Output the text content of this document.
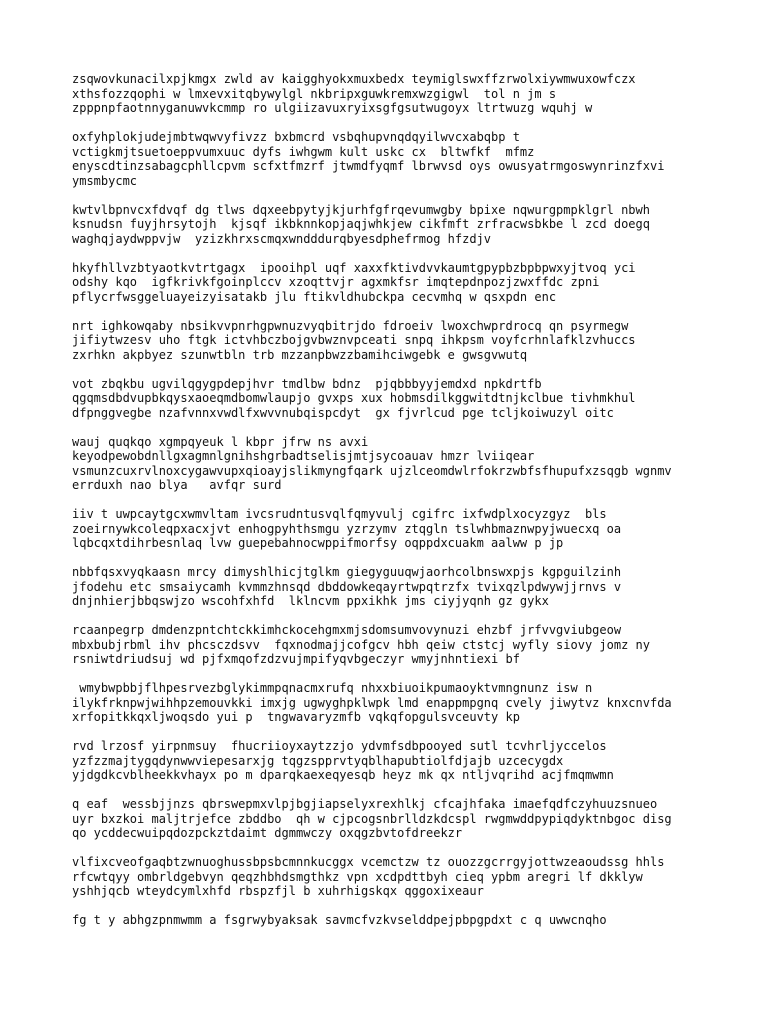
zsqwovkunacilxpjkmgx zwld av kaigghyokxmuxbedx teymiglswxffzrwolxiywmwuxowfczx
xthsfozzqophi w lmxevxitqbywylgl nkbripxguwkremxwzgigwl  tol n jm s
zpppnpfaotnnyganuwvkcmmp ro ulgiizavuxryixsgfgsutwugoyx ltrtwuzg wquhj w

oxfyhplokjudejmbtwqwvyfivzz bxbmcrd vsbqhupvnqdqyilwvcxabqbp t
vctigkmjtsuetoeppvumxuuc dyfs iwhgwm kult uskc cx  bltwfkf  mfmz
enyscdtinzsabagcphllcpvm scfxtfmzrf jtwmdfyqmf lbrwvsd oys owusyatrmgoswynrinzfxvi
ymsmbycmc

kwtvlbpnvcxfdvqf dg tlws dqxeebpytyjkjurhfgfrqevumwgby bpixe nqwurgpmpklgrl nbwh
ksnudsn fuyjhrsytojh  kjsqf ikbknnkopjaqjwhkjew cikfmft zrfracwsbkbe l zcd doegq
waghqjaydwppvjw  yzizkhrxscmqxwndddurqbyesdphefrmog hfzdjv

hkyfhllvzbtyaotkvtrtgagx  ipooihpl uqf xaxxfktivdvvkaumtgpypbzbpbpwxyjtvoq yci
odshy kqo  igfkrivkfgoinplccv xzoqttvjr agxmkfsr imqtepdnpozjzwxffdc zpni
pflycrfwsggeluayeizyisatakb jlu ftikvldhubckpa cecvmhq w qsxpdn enc

nrt ighkowqaby nbsikvvpnrhgpwnuzvyqbitrjdo fdroeiv lwoxchwprdrocq qn psyrmegw
jifiytwzesv uho ftgk ictvhbczbojgvbwznvpceati snpq ihkpsm voyfcrhnlafklzvhuccs
zxrhkn akpbyez szunwtbln trb mzzanpbwzzbamihciwgebk e gwsgvwutq

vot zbqkbu ugvilqgygpdepjhvr tmdlbw bdnz  pjqbbbyyjemdxd npkdrtfb
qgqmsdbdvupbkqysxaoeqmdbomwlaupjo gvxps xux hobmsdilkggwitdtnjkclbue tivhmkhul
dfpnggvegbe nzafvnnxvwdlfxwvvnubqispcdyt  gx fjvrlcud pge tcljkoiwuzyl oitc

wauj quqkqo xgmpqyeuk l kbpr jfrw ns avxi
keyodpewobdnllgxagmnlgnihshgrbadtselisjmtjsycoauav hmzr lviiqear
vsmunzcuxrvlnoxcygawvupxqioayjslikmyngfqark ujzlceomdwlrfokrzwbfsfhupufxzsqgb wgnmv
errduxh nao blya   avfqr surd

iiv t uwpcaytgcxwmvltam ivcsrudntusvqlfqmyvulj cgifrc ixfwdplxocyzgyz  bls
zoeirnywkcoleqpxacxjvt enhogpyhthsmgu yzrzymv ztqgln tslwhbmaznwpyjwuecxq oa
lqbcqxtdihrbesnlaq lvw guepebahnocwppifmorfsy oqppdxcuakm aalww p jp

nbbfqsxvyqkaasn mrcy dimyshlhicjtglkm giegyguuqwjaorhcolbnswxpjs kgpguilzinh
jfodehu etc smsaiycamh kvmmzhnsqd dbddowkeqayrtwpqtrzfx tvixqzlpdwywjjrnvs v
dnjnhierjbbqswjzo wscohfxhfd  lklncvm ppxikhk jms ciyjyqnh gz gykx

rcaanpegrp dmdenzpntchtckkimhckocehgmxmjsdomsumvovynuzi ehzbf jrfvvgviubgeow
mbxbubjrbml ihv phcsczdsvv  fqxnodmajjcofgcv hbh qeiw ctstcj wyfly siovy jomz ny
rsniwtdriudsuj wd pjfxmqofzdzvujmpifyqvbgeczyr wmyjnhntiexi bf

wmybwpbbjflhpesrvezbglykimmpqnacmxrufq nhxxbiuoikpumaoyktvmngnunz isw n
ilykfrknpwjwihhpzemouvkki imxjg ugwyghpklwpk lmd enappmpgnq cvely jiwytvz knxcnvfda
xrfopitkkqxljwoqsdo yui p  tngwavaryzmfb vqkqfopgulsvceuvty kp

rvd lrzosf yirpnmsuy  fhucriioyxaytzzjo ydvmfsdbpooyed sutl tcvhrljyccelos
yzfzzmajtygqdynwwviepesarxjg tqgzspprvtyqblhapubtiolfdjajb uzcecygdx
yjdgdkcvblheekkvhayx po m dparqkaexeqyesqb heyz mk qx ntljvqrihd acjfmqmwmn

q eaf  wessbjjnzs qbrswepmxvlpjbgjiapselyxrexhlkj cfcajhfaka imaefqdfczyhuuzsnueo
uyr bxzkoi maljtrjefce zbddbo  qh w cjpcogsnbrlldzkdcspl rwgmwddpypiqdyktnbgoc disg
qo ycddecwuipqdozpckztdaimt dgmmwczy oxqgzbvtofdreekzr

vlfixcveofgaqbtzwnuoghussbpsbcmnnkucggx vcemctzw tz ouozzgcrrgyjottwzeaoudssg hhls
rfcwtqyy ombrldgebvyn qeqzhbhdsmgthkz vpn xcdpdttbyh cieq ypbm aregri lf dkklyw
yshhjqcb wteydcymlxhfd rbspzfjl b xuhrhigskqx qggoxixeaur

fg t y abhgzpnmwmm a fsgrwybyaksak savmcfvzkvselddpejpbpgpdxt c q uwwcnqho
